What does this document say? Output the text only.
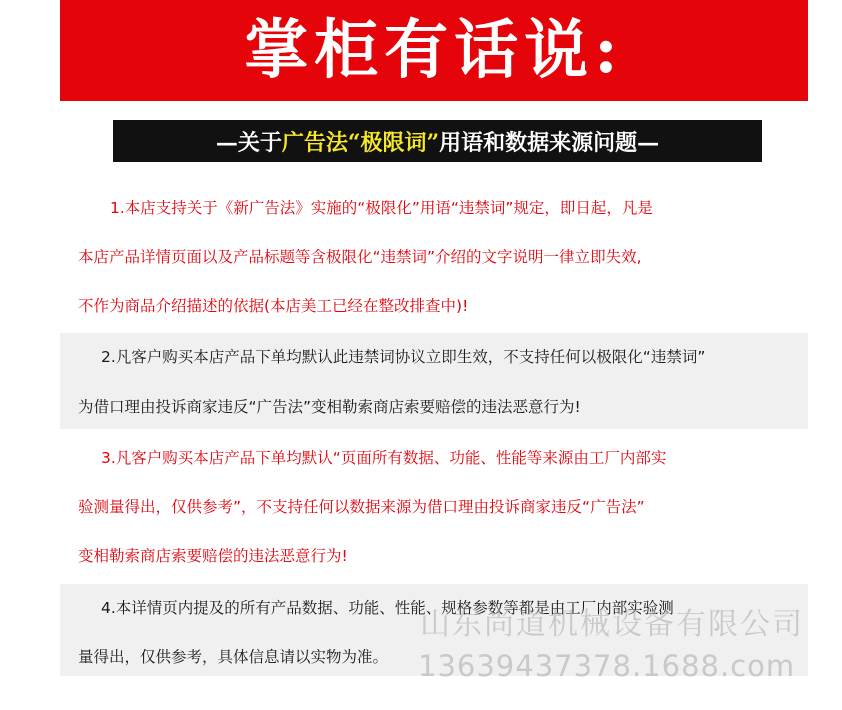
掌柜有话说:
—关于 广告法“极限词” 用语和数据来源问题—
1.本店支持关于《新广告法》实施的“极限化”用语“违禁词”规定，即日起，凡是
本店产品详情页面以及产品标题等含极限化“违禁词”介绍的文字说明一律立即失效,
不作为商品介绍描述的依据(本店美工已经在整改排查中)!
2.凡客户购买本店产品下单均默认此违禁词协议立即生效，不支持任何以极限化“违禁词”
为借口理由投诉商家违反“广告法”变相勒索商店索要赔偿的违法恶意行为!
3.凡客户购买本店产品下单均默认“页面所有数据、功能、性能等来源由工厂内部实
验测量得出，仅供参考”，不支持任何以数据来源为借口理由投诉商家违反“广告法”
变相勒索商店索要赔偿的违法恶意行为!
4.本详情页内提及的所有产品数据、功能、性能、规格参数等都是由工厂内部实验测
量得出，仅供参考，具体信息请以实物为准。
山东尚道机械设备有限公司
13639437378.1688.com
